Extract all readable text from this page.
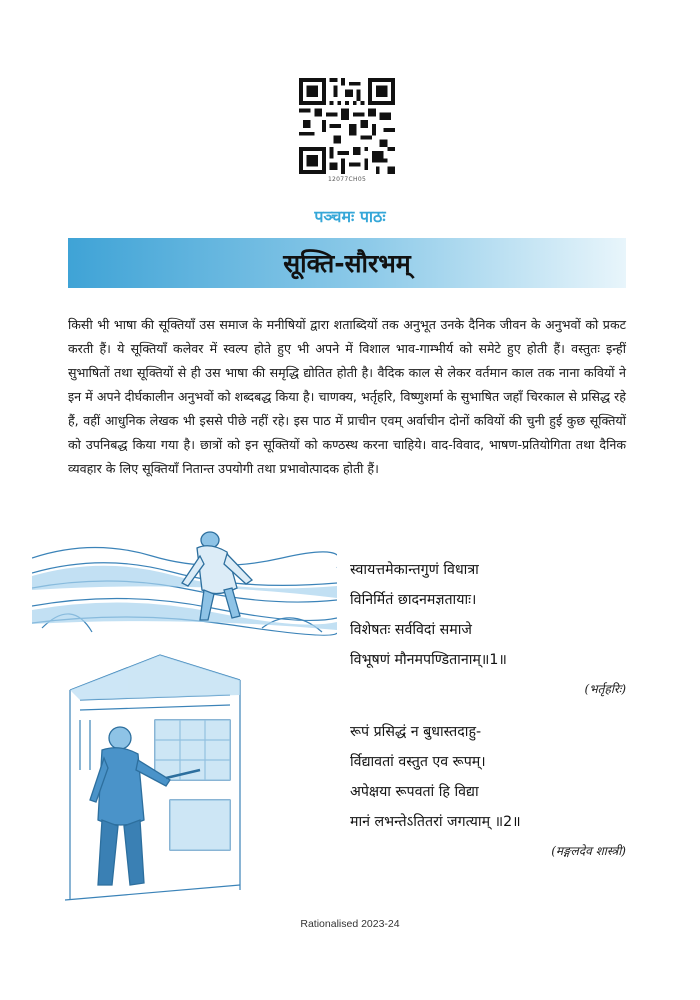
12077CH05
पञ्चमः पाठः
सूक्ति-सौरभम्
किसी भी भाषा की सूक्तियाँ उस समाज के मनीषियों द्वारा शताब्दियों तक अनुभूत उनके दैनिक जीवन के अनुभवों को प्रकट करती हैं। ये सूक्तियाँ कलेवर में स्वल्प होते हुए भी अपने में विशाल भाव-गाम्भीर्य को समेटे हुए होती हैं। वस्तुतः इन्हीं सुभाषितों तथा सूक्तियों से ही उस भाषा की समृद्धि द्योतित होती है। वैदिक काल से लेकर वर्तमान काल तक नाना कवियों ने इन में अपने दीर्घकालीन अनुभवों को शब्दबद्ध किया है। चाणक्य, भर्तृहरि, विष्णुशर्मा के सुभाषित जहाँ चिरकाल से प्रसिद्ध रहे हैं, वहीं आधुनिक लेखक भी इससे पीछे नहीं रहे। इस पाठ में प्राचीन एवम् अर्वाचीन दोनों कवियों की चुनी हुई कुछ सूक्तियों को उपनिबद्ध किया गया है। छात्रों को इन सूक्तियों को कण्ठस्थ करना चाहिये। वाद-विवाद, भाषण-प्रतियोगिता तथा दैनिक व्यवहार के लिए सूक्तियाँ नितान्त उपयोगी तथा प्रभावोत्पादक होती हैं।
स्वायत्तमेकान्तगुणं विधात्रा
विनिर्मितं छादनमज्ञतायाः।
विशेषतः सर्वविदां समाजे
विभूषणं मौनमपण्डितानाम्॥1॥
(भर्तृहरिः)
रूपं प्रसिद्धं न बुधास्तदाहु-
र्विद्यावतां वस्तुत एव रूपम्।
अपेक्षया रूपवतां हि विद्या
मानं लभन्तेऽतितरां जगत्याम् ॥2॥
(मङ्गलदेव शास्त्री)
Rationalised 2023-24
